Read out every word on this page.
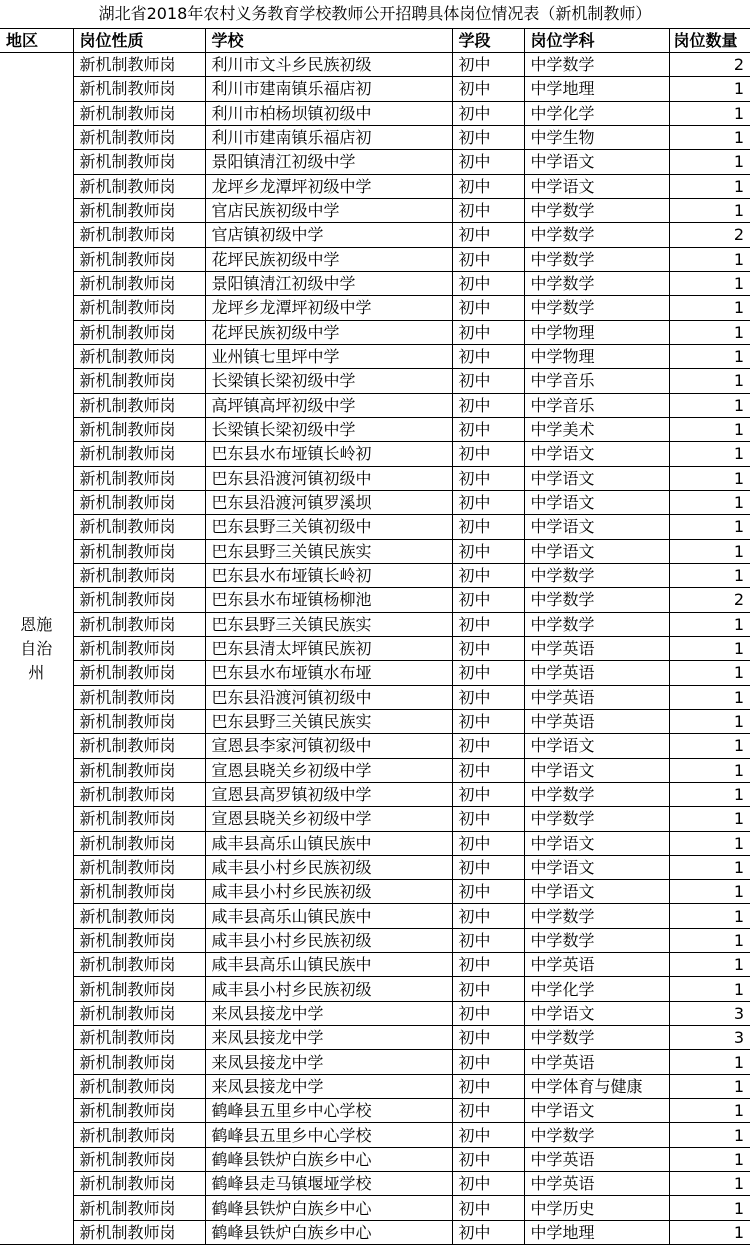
湖北省2018年农村义务教育学校教师公开招聘具体岗位情况表（新机制教师）
地区	岗位性质	学校	学段	岗位学科	岗位数量
恩施自治州	新机制教师岗	利川市文斗乡民族初级	初中	中学数学	2
	新机制教师岗	利川市建南镇乐福店初	初中	中学地理	1
	新机制教师岗	利川市柏杨坝镇初级中	初中	中学化学	1
	新机制教师岗	利川市建南镇乐福店初	初中	中学生物	1
	新机制教师岗	景阳镇清江初级中学	初中	中学语文	1
	新机制教师岗	龙坪乡龙潭坪初级中学	初中	中学语文	1
	新机制教师岗	官店民族初级中学	初中	中学数学	1
	新机制教师岗	官店镇初级中学	初中	中学数学	2
	新机制教师岗	花坪民族初级中学	初中	中学数学	1
	新机制教师岗	景阳镇清江初级中学	初中	中学数学	1
	新机制教师岗	龙坪乡龙潭坪初级中学	初中	中学数学	1
	新机制教师岗	花坪民族初级中学	初中	中学物理	1
	新机制教师岗	业州镇七里坪中学	初中	中学物理	1
	新机制教师岗	长梁镇长梁初级中学	初中	中学音乐	1
	新机制教师岗	高坪镇高坪初级中学	初中	中学音乐	1
	新机制教师岗	长梁镇长梁初级中学	初中	中学美术	1
	新机制教师岗	巴东县水布垭镇长岭初	初中	中学语文	1
	新机制教师岗	巴东县沿渡河镇初级中	初中	中学语文	1
	新机制教师岗	巴东县沿渡河镇罗溪坝	初中	中学语文	1
	新机制教师岗	巴东县野三关镇初级中	初中	中学语文	1
	新机制教师岗	巴东县野三关镇民族实	初中	中学语文	1
	新机制教师岗	巴东县水布垭镇长岭初	初中	中学数学	1
	新机制教师岗	巴东县水布垭镇杨柳池	初中	中学数学	2
	新机制教师岗	巴东县野三关镇民族实	初中	中学数学	1
	新机制教师岗	巴东县清太坪镇民族初	初中	中学英语	1
	新机制教师岗	巴东县水布垭镇水布垭	初中	中学英语	1
	新机制教师岗	巴东县沿渡河镇初级中	初中	中学英语	1
	新机制教师岗	巴东县野三关镇民族实	初中	中学英语	1
	新机制教师岗	宣恩县李家河镇初级中	初中	中学语文	1
	新机制教师岗	宣恩县晓关乡初级中学	初中	中学语文	1
	新机制教师岗	宣恩县高罗镇初级中学	初中	中学数学	1
	新机制教师岗	宣恩县晓关乡初级中学	初中	中学数学	1
	新机制教师岗	咸丰县高乐山镇民族中	初中	中学语文	1
	新机制教师岗	咸丰县小村乡民族初级	初中	中学语文	1
	新机制教师岗	咸丰县小村乡民族初级	初中	中学语文	1
	新机制教师岗	咸丰县高乐山镇民族中	初中	中学数学	1
	新机制教师岗	咸丰县小村乡民族初级	初中	中学数学	1
	新机制教师岗	咸丰县高乐山镇民族中	初中	中学英语	1
	新机制教师岗	咸丰县小村乡民族初级	初中	中学化学	1
	新机制教师岗	来凤县接龙中学	初中	中学语文	3
	新机制教师岗	来凤县接龙中学	初中	中学数学	3
	新机制教师岗	来凤县接龙中学	初中	中学英语	1
	新机制教师岗	来凤县接龙中学	初中	中学体育与健康	1
	新机制教师岗	鹤峰县五里乡中心学校	初中	中学语文	1
	新机制教师岗	鹤峰县五里乡中心学校	初中	中学数学	1
	新机制教师岗	鹤峰县铁炉白族乡中心	初中	中学英语	1
	新机制教师岗	鹤峰县走马镇堰垭学校	初中	中学英语	1
	新机制教师岗	鹤峰县铁炉白族乡中心	初中	中学历史	1
	新机制教师岗	鹤峰县铁炉白族乡中心	初中	中学地理	1
